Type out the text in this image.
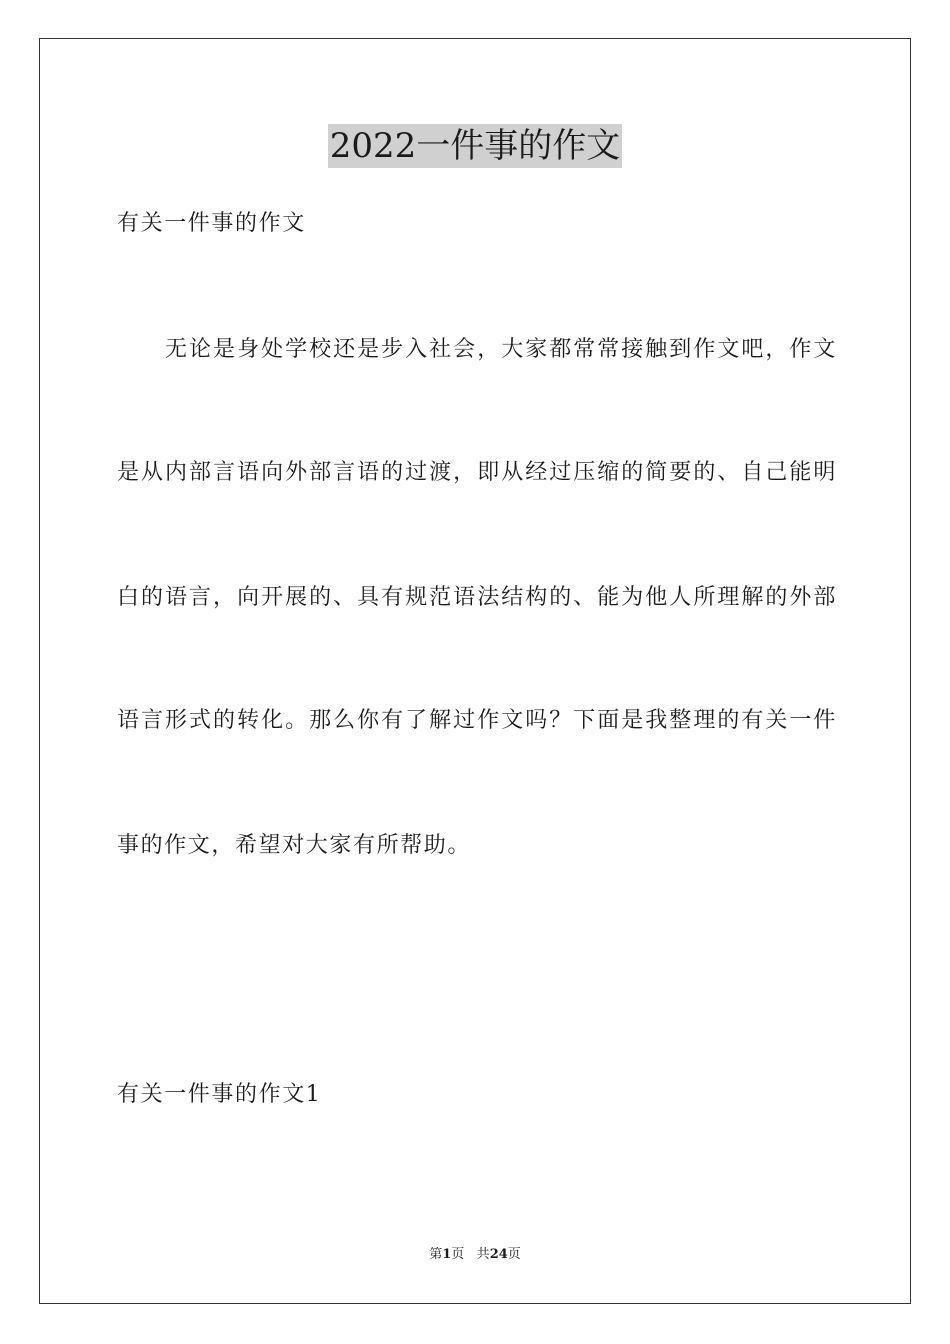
2022一件事的作文
有关一件事的作文
　　无论是身处学校还是步入社会，大家都常常接触到作文吧，作文
是从内部言语向外部言语的过渡，即从经过压缩的简要的、自己能明
白的语言，向开展的、具有规范语法结构的、能为他人所理解的外部
语言形式的转化。那么你有了解过作文吗？下面是我整理的有关一件
事的作文，希望对大家有所帮助。
有关一件事的作文1
第1页 共24页
